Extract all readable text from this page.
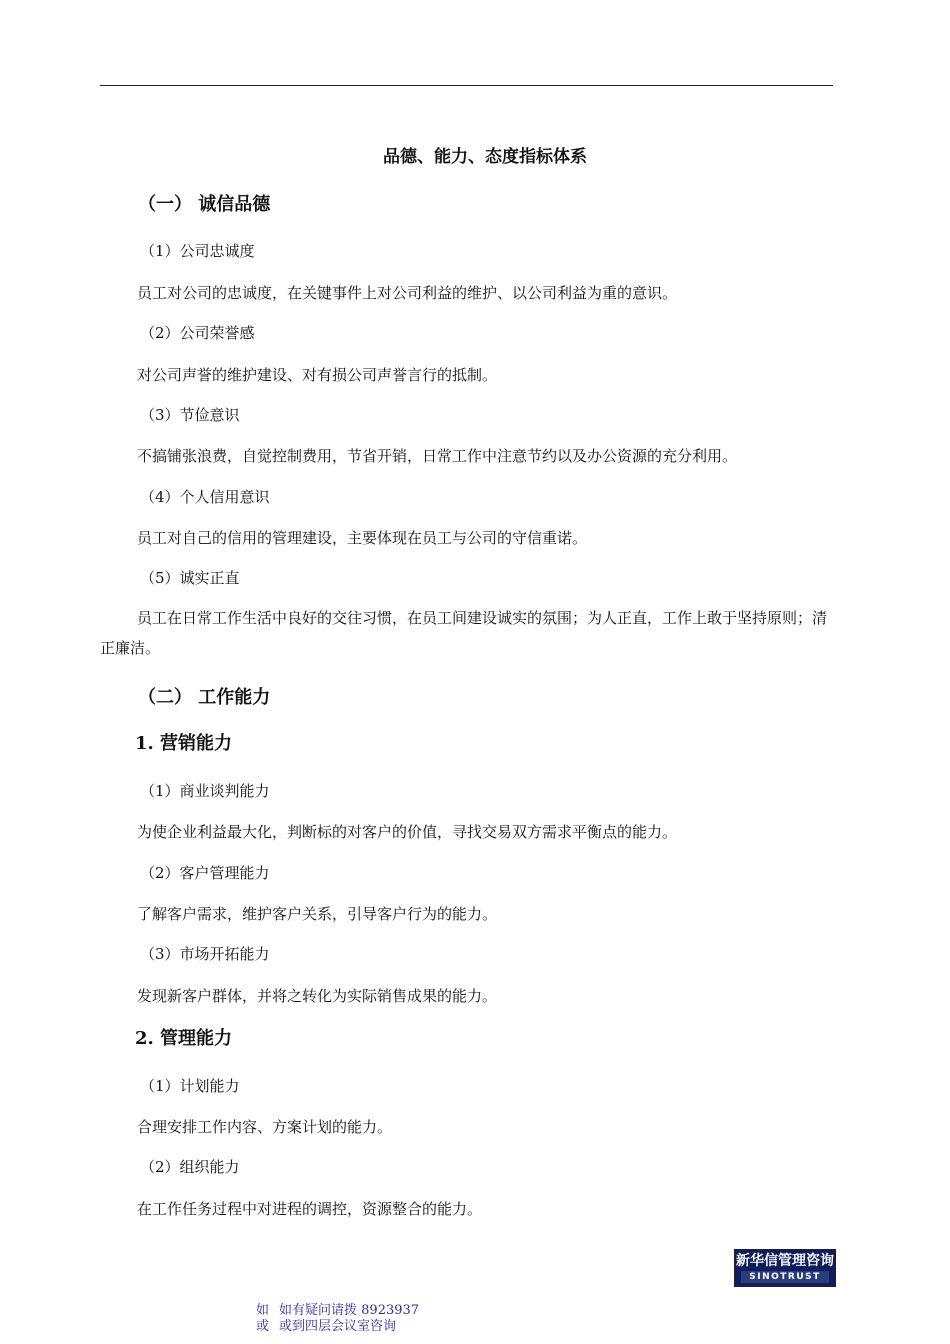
品德、能力、态度指标体系
（一） 诚信品德
（1）公司忠诚度
员工对公司的忠诚度，在关键事件上对公司利益的维护、以公司利益为重的意识。
（2）公司荣誉感
对公司声誉的维护建设、对有损公司声誉言行的抵制。
（3）节俭意识
不搞铺张浪费，自觉控制费用，节省开销，日常工作中注意节约以及办公资源的充分利用。
（4）个人信用意识
员工对自己的信用的管理建设，主要体现在员工与公司的守信重诺。
（5）诚实正直
员工在日常工作生活中良好的交往习惯，在员工间建设诚实的氛围；为人正直，工作上敢于坚持原则；清正廉洁。
（二） 工作能力
1. 营销能力
（1）商业谈判能力
为使企业利益最大化，判断标的对客户的价值，寻找交易双方需求平衡点的能力。
（2）客户管理能力
了解客户需求，维护客户关系，引导客户行为的能力。
（3）市场开拓能力
发现新客户群体，并将之转化为实际销售成果的能力。
2. 管理能力
（1）计划能力
合理安排工作内容、方案计划的能力。
（2）组织能力
在工作任务过程中对进程的调控，资源整合的能力。
新华信管理咨询
SINOTRUST
如 如有疑问请拨 8923937
或 或到四层会议室咨询
